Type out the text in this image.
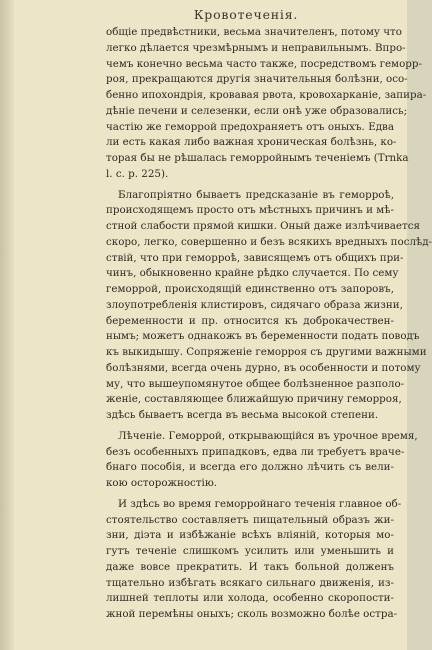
Кровотеченія.
общіе предвѣстники, весьма значителенъ, потому что
легко дѣлается чрезмѣрнымъ и неправильнымъ. Впро-
чемъ конечно весьма часто также, посредствомъ геморр-
роя, прекращаются другія значительныя болѣзни, осо-
бенно ипохондрія, кровавая рвота, кровохарканіе, запира-
дѣніе печени и селезенки, если онѣ уже образовались;
частію же геморрой предохраняетъ отъ оныхъ. Едва
ли есть какая либо важная хроническая болѣзнь, ко-
торая бы не рѣшалась геморройнымъ теченіемъ (Trnka
l. c. p. 225).
Благопріятно бываетъ предсказаніе въ геморроѣ,
происходящемъ просто отъ мѣстныхъ причинъ и мѣ-
стной слабости прямой кишки. Оный даже излѣчивается
скоро, легко, совершенно и безъ всякихъ вредныхъ послѣд-
ствій, что при геморроѣ, зависящемъ отъ общихъ при-
чинъ, обыкновенно крайне рѣдко случается. По сему
геморрой, происходящій единственно отъ запоровъ,
злоупотребленія клистировъ, сидячаго образа жизни,
беременности и пр. относится къ доброкачествен-
нымъ; можетъ однакожъ въ беременности подать поводъ
къ выкидышу. Сопряженіе геморроя съ другими важными
болѣзнями, всегда очень дурно, въ особенности и потому
му, что вышеупомянутое общее болѣзненное разполо-
женіе, составляющее ближайшую причину геморроя,
здѣсь бываетъ всегда въ весьма высокой степени.
Лѣченіе. Геморрой, открывающійся въ урочное время,
безъ особенныхъ припадковъ, едва ли требуетъ враче-
бнаго пособія, и всегда его должно лѣчить съ вели-
кою осторожностію.
И здѣсь во время геморройнаго теченія главное об-
стоятельство составляетъ пищательный образъ жи-
зни, діэта и избѣжаніе всѣхъ вліяній, которыя мо-
гутъ теченіе слишкомъ усилить или уменьшить и
даже вовсе прекратить. И такъ больной долженъ
тщательно избѣгать всякаго сильнаго движенія, из-
лишней теплоты или холода, особенно скоропости-
жной перемѣны оныхъ; сколь возможно болѣе остра-
